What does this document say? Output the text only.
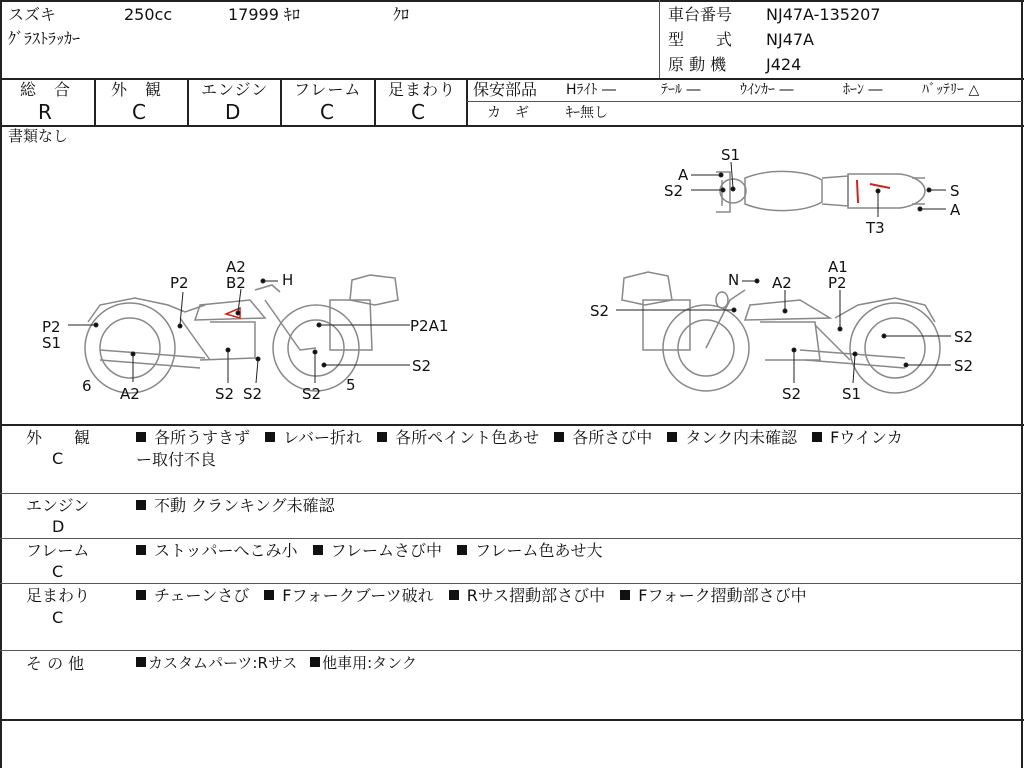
スズキ	250cc	17999 ｷﾛ	ｸﾛ
ｸﾞﾗｽﾄﾗｯｶｰ
車台番号 NJ47A-135207
型　　式 NJ47A
原 動 機 J424
総　合
R
外　観
C
エンジン
D
フレーム
C
足まわり
C
保安部品 Hﾗｲﾄ ―	ﾃｰﾙ ―	ｳｲﾝｶｰ ―	ﾎｰﾝ ―	ﾊﾞｯﾃﾘｰ △
カ　ギ	ｷｰ無し
書類なし
A
S1
S2	S
A
T3
A2
B2 H
P2
P2
S1
P2A1
6 A2	S2 S2	S2 5
S2
N A2
A1
P2
S2
S2
S2
S2	S1
外　　観
C
各所うすきず レバー折れ 各所ペイント色あせ 各所さび中 タンク内未確認 Fウインカ
ー取付不良
エンジン
D
不動 クランキング未確認
フレーム
C
ストッパーへこみ小 フレームさび中 フレーム色あせ大
足まわり
C
チェーンさび Fフォークブーツ破れ Rサス摺動部さび中 Fフォーク摺動部さび中
そ の 他	カスタムパーツ:Rサス 他車用:タンク
